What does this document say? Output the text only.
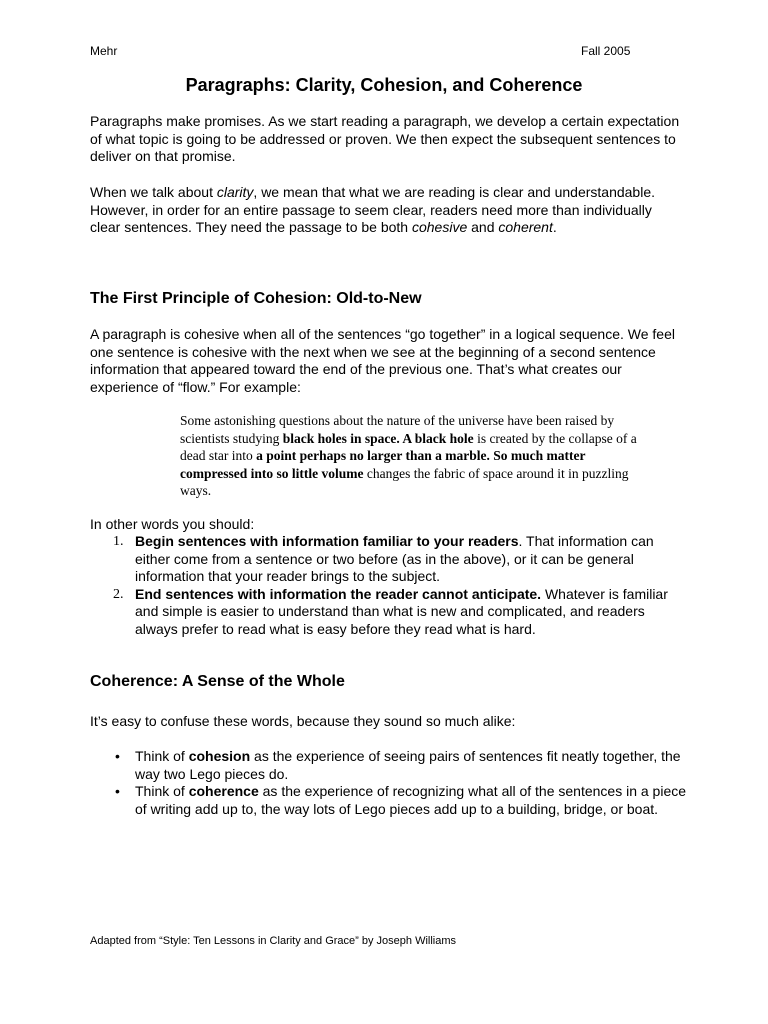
Mehr	Fall 2005
Paragraphs: Clarity, Cohesion, and Coherence

Paragraphs make promises. As we start reading a paragraph, we develop a certain expectation of what topic is going to be addressed or proven. We then expect the subsequent sentences to deliver on that promise.

When we talk about clarity, we mean that what we are reading is clear and understandable. However, in order for an entire passage to seem clear, readers need more than individually clear sentences. They need the passage to be both cohesive and coherent.

The First Principle of Cohesion: Old-to-New

A paragraph is cohesive when all of the sentences “go together” in a logical sequence. We feel one sentence is cohesive with the next when we see at the beginning of a second sentence information that appeared toward the end of the previous one. That’s what creates our experience of “flow.” For example:

Some astonishing questions about the nature of the universe have been raised by scientists studying black holes in space. A black hole is created by the collapse of a dead star into a point perhaps no larger than a marble. So much matter compressed into so little volume changes the fabric of space around it in puzzling ways.

In other words you should:

1. Begin sentences with information familiar to your readers. That information can either come from a sentence or two before (as in the above), or it can be general information that your reader brings to the subject.
2. End sentences with information the reader cannot anticipate. Whatever is familiar and simple is easier to understand than what is new and complicated, and readers always prefer to read what is easy before they read what is hard.
Coherence: A Sense of the Whole

It’s easy to confuse these words, because they sound so much alike:

• Think of cohesion as the experience of seeing pairs of sentences fit neatly together, the way two Lego pieces do.
• Think of coherence as the experience of recognizing what all of the sentences in a piece of writing add up to, the way lots of Lego pieces add up to a building, bridge, or boat.
Adapted from “Style: Ten Lessons in Clarity and Grace” by Joseph Williams
